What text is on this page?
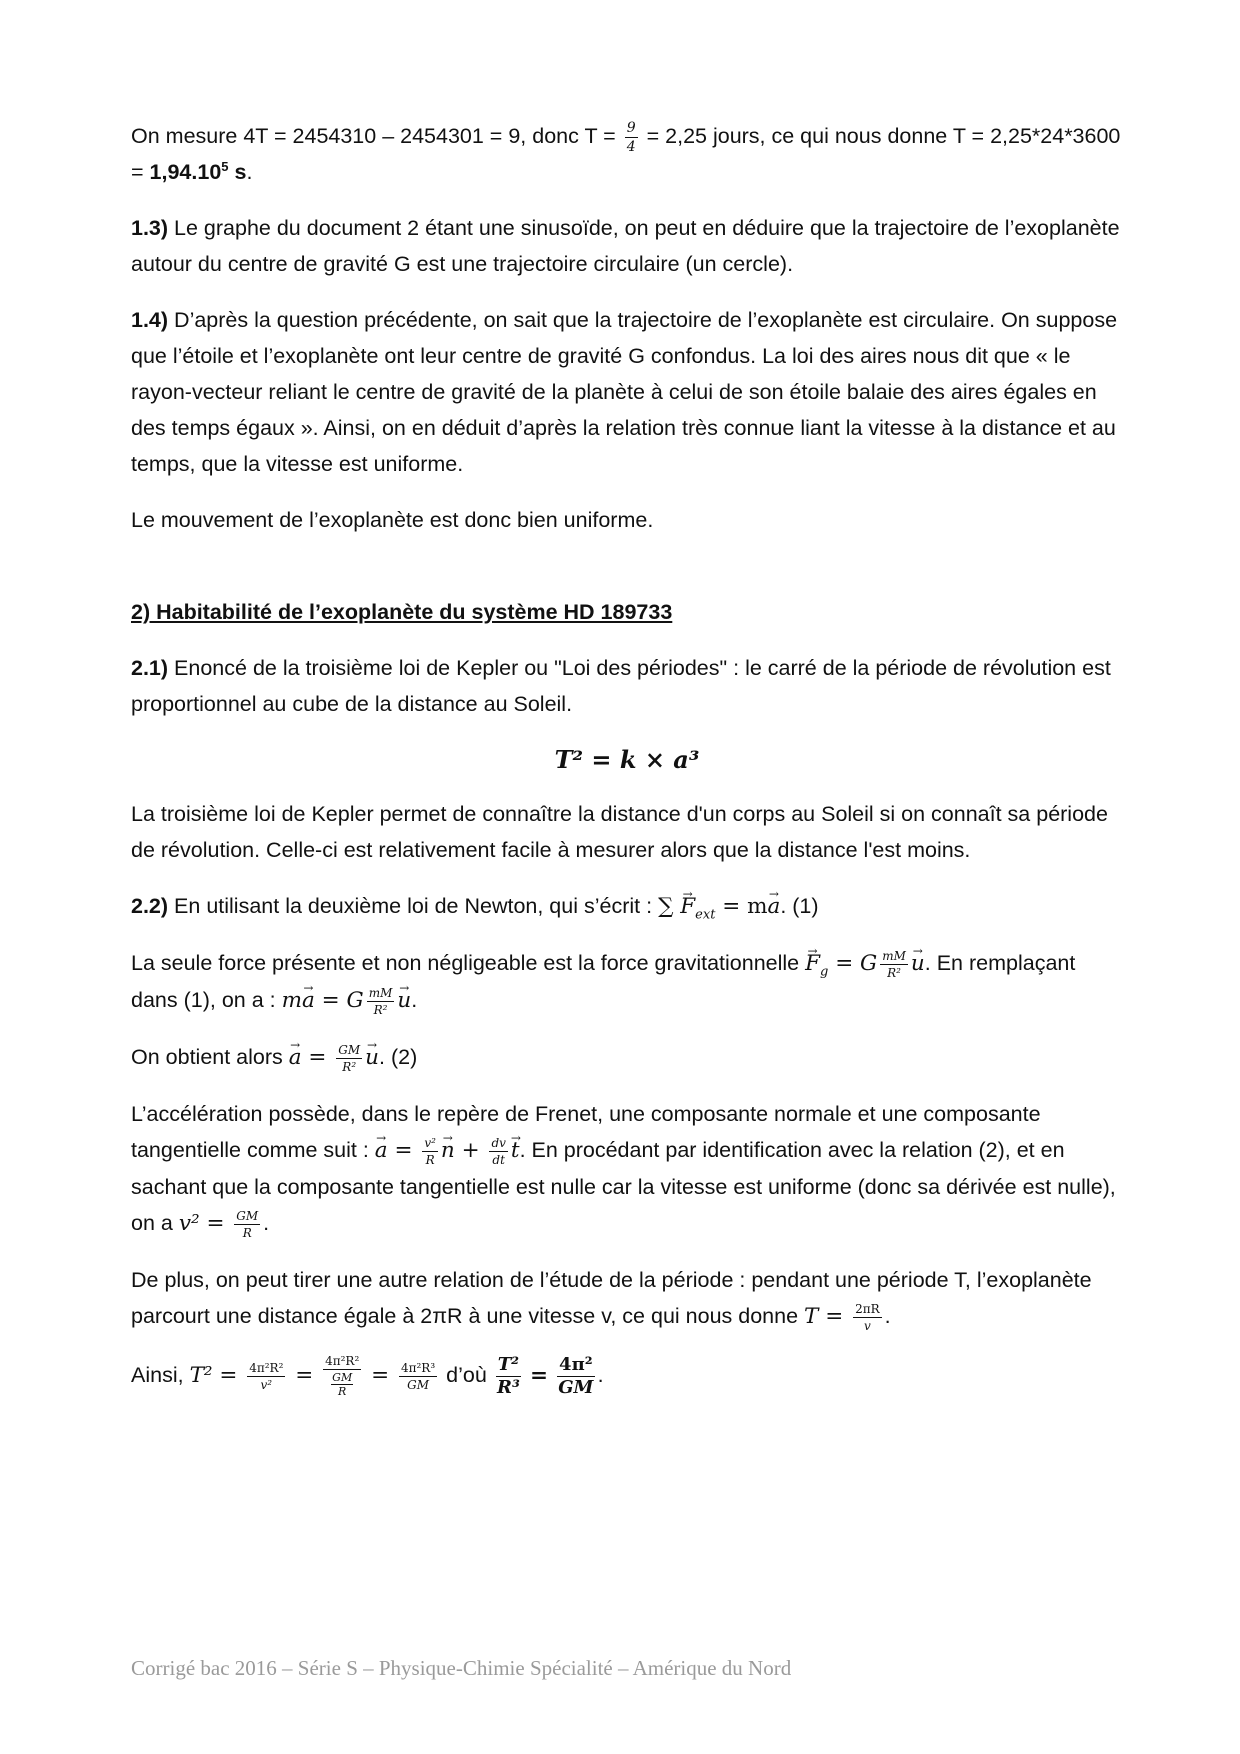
On mesure 4T = 2454310 – 2454301 = 9, donc $T = \frac{9}{4} = 2,25$ jours, ce qui nous donne $T = 2,25*24*3600 = 1,94.10^5$ s.

1.3) Le graphe du document 2 étant une sinusoïde, on peut en déduire que la trajectoire de l’exoplanète autour du centre de gravité G est une trajectoire circulaire (un cercle).

1.4) D’après la question précédente, on sait que la trajectoire de l’exoplanète est circulaire. On suppose que l’étoile et l’exoplanète ont leur centre de gravité G confondus. La loi des aires nous dit que « le rayon-vecteur reliant le centre de gravité de la planète à celui de son étoile balaie des aires égales en des temps égaux ». Ainsi, on en déduit d’après la relation très connue liant la vitesse à la distance et au temps, que la vitesse est uniforme.

Le mouvement de l’exoplanète est donc bien uniforme.

2) Habitabilité de l’exoplanète du système HD 189733

2.1) Enoncé de la troisième loi de Kepler ou "Loi des périodes" : le carré de la période de révolution est proportionnel au cube de la distance au Soleil.

T² = k × a³

La troisième loi de Kepler permet de connaître la distance d'un corps au Soleil si on connaît sa période de révolution. Celle-ci est relativement facile à mesurer alors que la distance l'est moins.

2.2) En utilisant la deuxième loi de Newton, qui s’écrit : ∑ → $F_{ext} = m\to a$. (1)

La seule force présente et non négligeable est la force gravitationnelle → $F_g = G \frac{mM}{\text{R²}}$
→ u. En remplaçant dans (1), on a : m→ a = G $\frac{mM}{\text{R²}}$
→ u.

On obtient alors → $a = \frac{GM}{\text{R²}}$
→ u. (2)

L’accélération possède, dans le repère de Frenet, une composante normale et une composante tangentielle comme suit : → $a = \frac{\text{v²}}{R}$
→ $n + \frac{dv}{dt}$
→ t. En procédant par identification avec la relation (2), et en sachant que la composante tangentielle est nulle car la vitesse est uniforme (donc sa dérivée est nulle), on a $v^2 = \frac{GM}{R}$ .

De plus, on peut tirer une autre relation de l’étude de la période : pendant une période T, l’exoplanète parcourt une distance égale à 2πR à une vitesse v, ce qui nous donne $T = \frac{2\pi R}{v}$ .

Ainsi, $T^2 = \frac{\text{4π²R²}}{\text{v²}} = \frac{\text{4π²R²}}{\frac{GM}{R}} = \frac{\text{4π²R³}}{GM}$ d’où $\frac{\text{T²}}{\text{R³}} = \frac{\text{4π²}}{GM}$ .

Corrigé bac 2016 – Série S – Physique-Chimie Spécialité – Amérique du Nord
